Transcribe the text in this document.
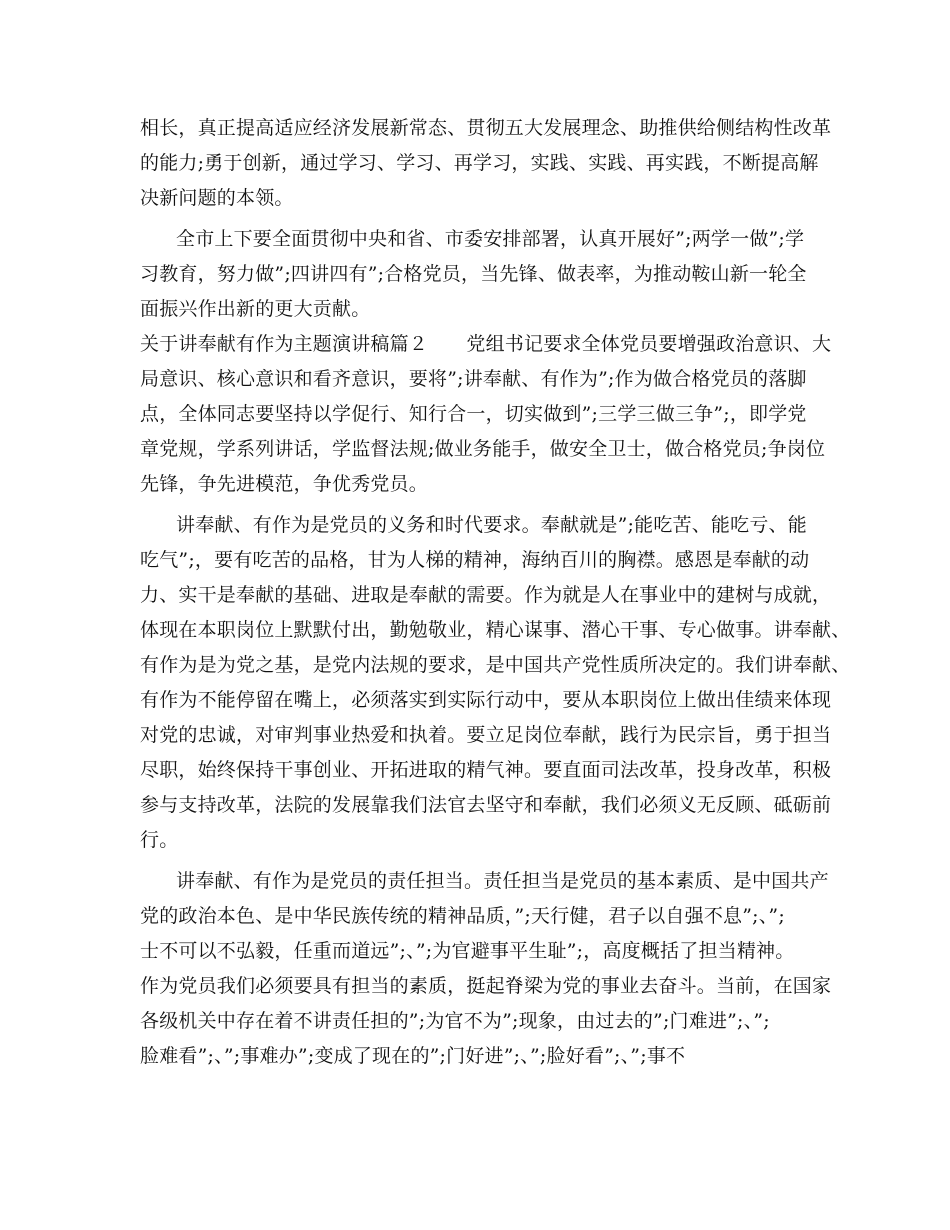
相长，真正提高适应经济发展新常态、贯彻五大发展理念、助推供给侧结构性改革
的能力;勇于创新，通过学习、学习、再学习，实践、实践、再实践，不断提高解
决新问题的本领。
全市上下要全面贯彻中央和省、市委安排部署，认真开展好”;两学一做”;学
习教育，努力做”;四讲四有”;合格党员，当先锋、做表率，为推动鞍山新一轮全
面振兴作出新的更大贡献。
关于讲奉献有作为主题演讲稿篇２　　党组书记要求全体党员要增强政治意识、大
局意识、核心意识和看齐意识，要将”;讲奉献、有作为”;作为做合格党员的落脚
点，全体同志要坚持以学促行、知行合一，切实做到”;三学三做三争”;，即学党
章党规，学系列讲话，学监督法规;做业务能手，做安全卫士，做合格党员;争岗位
先锋，争先进模范，争优秀党员。
讲奉献、有作为是党员的义务和时代要求。奉献就是”;能吃苦、能吃亏、能
吃气”;，要有吃苦的品格，甘为人梯的精神，海纳百川的胸襟。感恩是奉献的动
力、实干是奉献的基础、进取是奉献的需要。作为就是人在事业中的建树与成就，
体现在本职岗位上默默付出，勤勉敬业，精心谋事、潜心干事、专心做事。讲奉献、
有作为是为党之基，是党内法规的要求，是中国共产党性质所决定的。我们讲奉献、
有作为不能停留在嘴上，必须落实到实际行动中，要从本职岗位上做出佳绩来体现
对党的忠诚，对审判事业热爱和执着。要立足岗位奉献，践行为民宗旨，勇于担当
尽职，始终保持干事创业、开拓进取的精气神。要直面司法改革，投身改革，积极
参与支持改革，法院的发展靠我们法官去坚守和奉献，我们必须义无反顾、砥砺前
行。
讲奉献、有作为是党员的责任担当。责任担当是党员的基本素质、是中国共产
党的政治本色、是中华民族传统的精神品质，”;天行健，君子以自强不息”;、”;
士不可以不弘毅，任重而道远”;、”;为官避事平生耻”;，高度概括了担当精神。
作为党员我们必须要具有担当的素质，挺起脊梁为党的事业去奋斗。当前，在国家
各级机关中存在着不讲责任担的”;为官不为”;现象，由过去的”;门难进”;、”;
脸难看”;、”;事难办”;变成了现在的”;门好进”;、”;脸好看”;、”;事不
